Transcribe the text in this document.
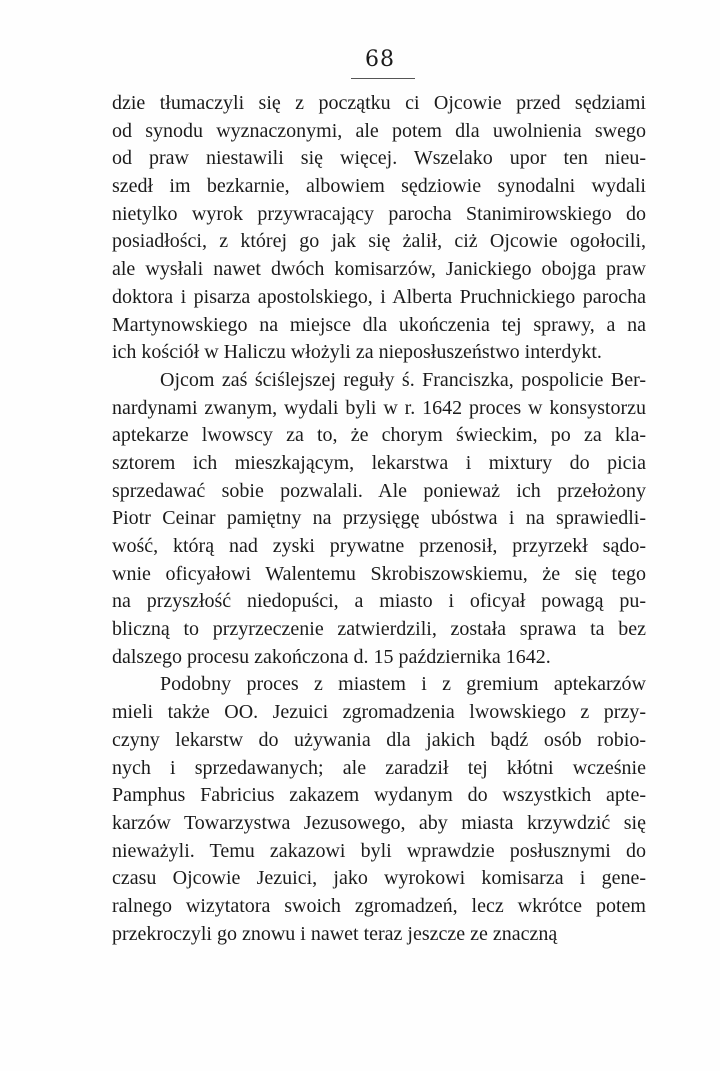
68
dzie tłumaczyli się z początku ci Ojcowie przed sędziami
od synodu wyznaczonymi, ale potem dla uwolnienia swego
od praw niestawili się więcej. Wszelako upor ten nieu-
szedł im bezkarnie, albowiem sędziowie synodalni wydali
nietylko wyrok przywracający parocha Stanimirowskiego do
posiadłości, z której go jak się żalił, ciż Ojcowie ogołocili,
ale wysłali nawet dwóch komisarzów, Janickiego obojga praw
doktora i pisarza apostolskiego, i Alberta Pruchnickiego parocha
Martynowskiego na miejsce dla ukończenia tej sprawy, a na
ich kościół w Haliczu włożyli za nieposłuszeństwo interdykt.
Ojcom zaś ściślejszej reguły ś. Franciszka, pospolicie Ber-
nardynami zwanym, wydali byli w r. 1642 proces w konsystorzu
aptekarze lwowscy za to, że chorym świeckim, po za kla-
sztorem ich mieszkającym, lekarstwa i mixtury do picia
sprzedawać sobie pozwalali. Ale ponieważ ich przełożony
Piotr Ceinar pamiętny na przysięgę ubóstwa i na sprawiedli-
wość, którą nad zyski prywatne przenosił, przyrzekł sądo-
wnie oficyałowi Walentemu Skrobiszowskiemu, że się tego
na przyszłość niedopuści, a miasto i oficyał powagą pu-
bliczną to przyrzeczenie zatwierdzili, została sprawa ta bez
dalszego procesu zakończona d. 15 października 1642.
Podobny proces z miastem i z gremium aptekarzów
mieli także OO. Jezuici zgromadzenia lwowskiego z przy-
czyny lekarstw do używania dla jakich bądź osób robio-
nych i sprzedawanych; ale zaradził tej kłótni wcześnie
Pamphus Fabricius zakazem wydanym do wszystkich apte-
karzów Towarzystwa Jezusowego, aby miasta krzywdzić się
nieważyli. Temu zakazowi byli wprawdzie posłusznymi do
czasu Ojcowie Jezuici, jako wyrokowi komisarza i gene-
ralnego wizytatora swoich zgromadzeń, lecz wkrótce potem
przekroczyli go znowu i nawet teraz jeszcze ze znaczną
